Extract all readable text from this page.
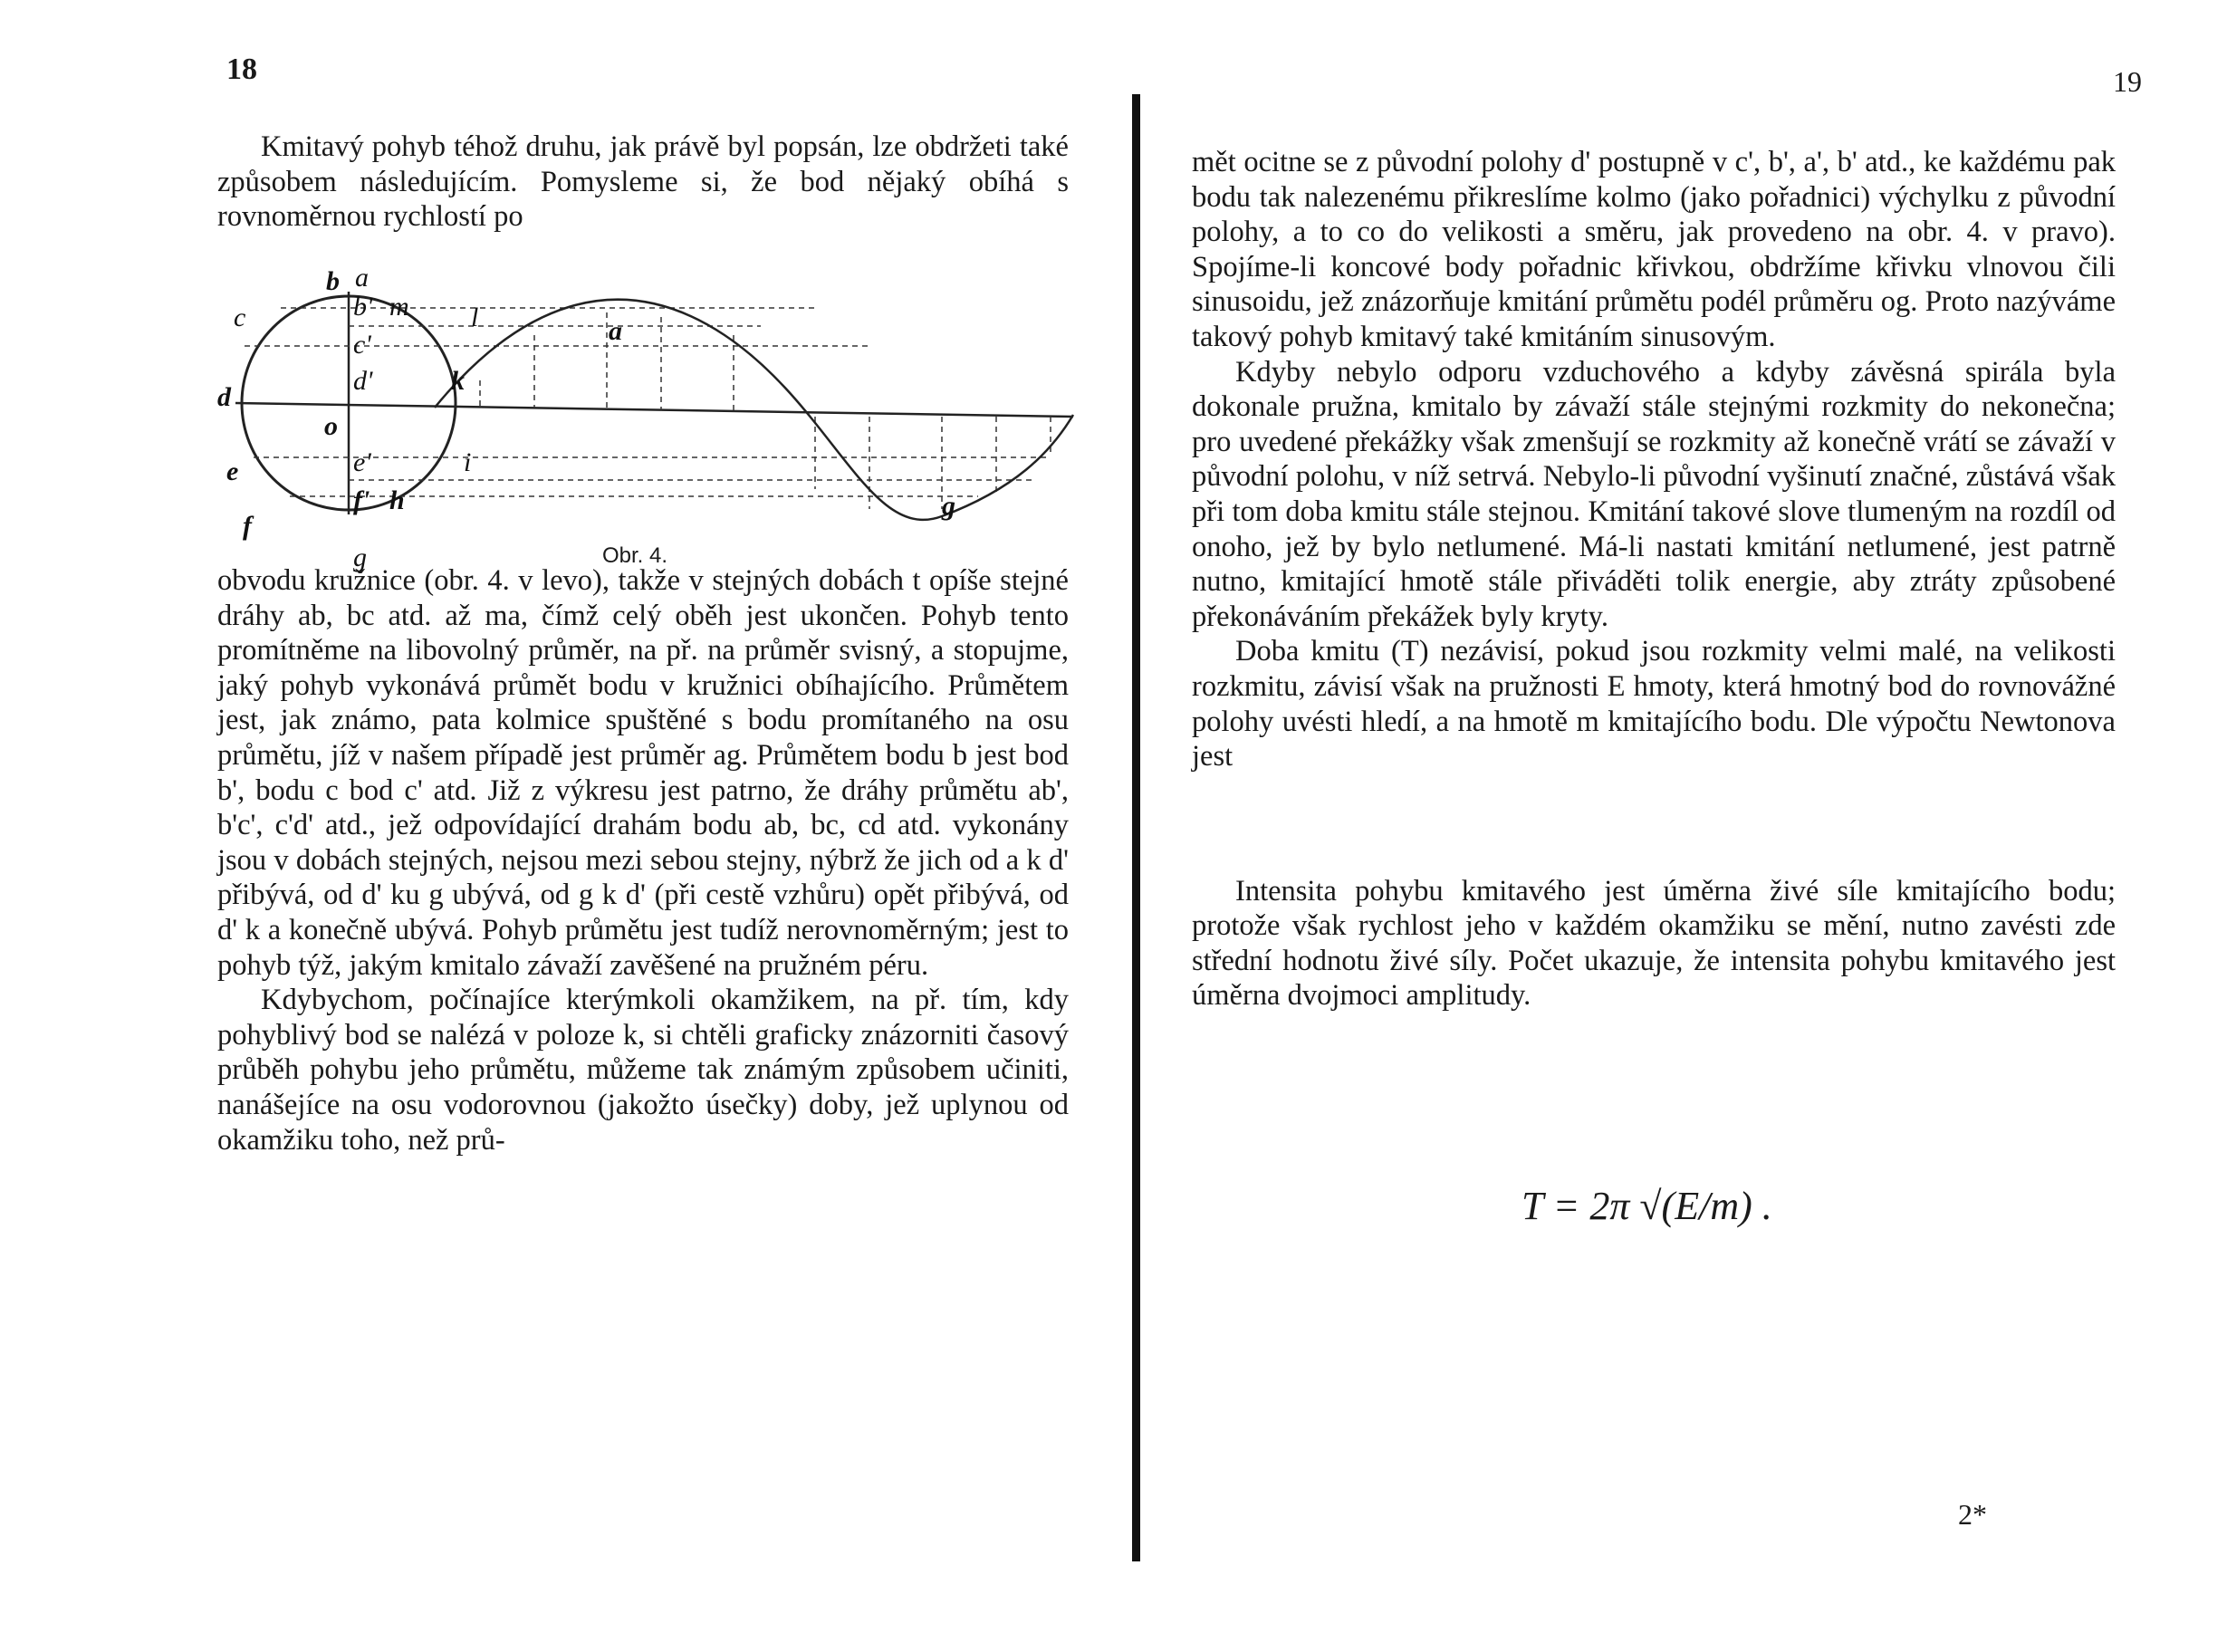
18

Kmitavý pohyb téhož druhu, jak právě byl popsán, lze obdržeti také způsobem následujícím. Pomysleme si, že bod nějaký obíhá s rovnoměrnou rychlostí po

b a
c
d
e
f
g
b' m l
c'
d'	k
o
e'	i
f' h
a
g
Obr. 4.

obvodu kružnice (obr. 4. v levo), takže v stejných dobách t opíše stejné dráhy ab, bc atd. až ma, čímž celý oběh jest ukončen. Pohyb tento promítněme na libovolný průměr, na př. na průměr svisný, a stopujme, jaký pohyb vykonává průmět bodu v kružnici obíhajícího. Průmětem jest, jak známo, pata kolmice spuštěné s bodu promítaného na osu průmětu, jíž v našem případě jest průměr ag. Průmětem bodu b jest bod b', bodu c bod c' atd. Již z výkresu jest patrno, že dráhy průmětu ab', b'c', c'd' atd., jež odpovídající drahám bodu ab, bc, cd atd. vykonány jsou v dobách stejných, nejsou mezi sebou stejny, nýbrž že jich od a k d' přibývá, od d' ku g ubývá, od g k d' (při cestě vzhůru) opět přibývá, od d' k a konečně ubývá. Pohyb průmětu jest tudíž nerovnoměrným; jest to pohyb týž, jakým kmitalo závaží zavěšené na pružném péru.

Kdybychom, počínajíce kterýmkoli okamžikem, na př. tím, kdy pohyblivý bod se nalézá v poloze k, si chtěli graficky znázorniti časový průběh pohybu jeho průmětu, můžeme tak známým způsobem učiniti, nanášejíce na osu vodorovnou (jakožto úsečky) doby, jež uplynou od okamžiku toho, než prů-

19

mět ocitne se z původní polohy d' postupně v c', b', a', b' atd., ke každému pak bodu tak nalezenému přikreslíme kolmo (jako pořadnici) výchylku z původní polohy, a to co do velikosti a směru, jak provedeno na obr. 4. v pravo). Spojíme-li koncové body pořadnic křivkou, obdržíme křivku vlnovou čili sinusoidu, jež znázorňuje kmitání průmětu podél průměru og. Proto nazýváme takový pohyb kmitavý také kmitáním sinusovým.

Kdyby nebylo odporu vzduchového a kdyby závěsná spirála byla dokonale pružna, kmitalo by závaží stále stejnými rozkmity do nekonečna; pro uvedené překážky však zmenšují se rozkmity až konečně vrátí se závaží v původní polohu, v níž setrvá. Nebylo-li původní vyšinutí značné, zůstává však při tom doba kmitu stále stejnou. Kmitání takové slove tlumeným na rozdíl od onoho, jež by bylo netlumené. Má-li nastati kmitání netlumené, jest patrně nutno, kmitající hmotě stále přiváděti tolik energie, aby ztráty způsobené překonáváním překážek byly kryty.

Doba kmitu (T) nezávisí, pokud jsou rozkmity velmi malé, na velikosti rozkmitu, závisí však na pružnosti E hmoty, která hmotný bod do rovnovážné polohy uvésti hledí, a na hmotě m kmitajícího bodu. Dle výpočtu Newtonova jest

Intensita pohybu kmitavého jest úměrna živé síle kmitajícího bodu; protože však rychlost jeho v každém okamžiku se mění, nutno zavésti zde střední hodnotu živé síly. Počet ukazuje, že intensita pohybu kmitavého jest úměrna dvojmoci amplitudy.

T = 2π √(E/m) .
2*
